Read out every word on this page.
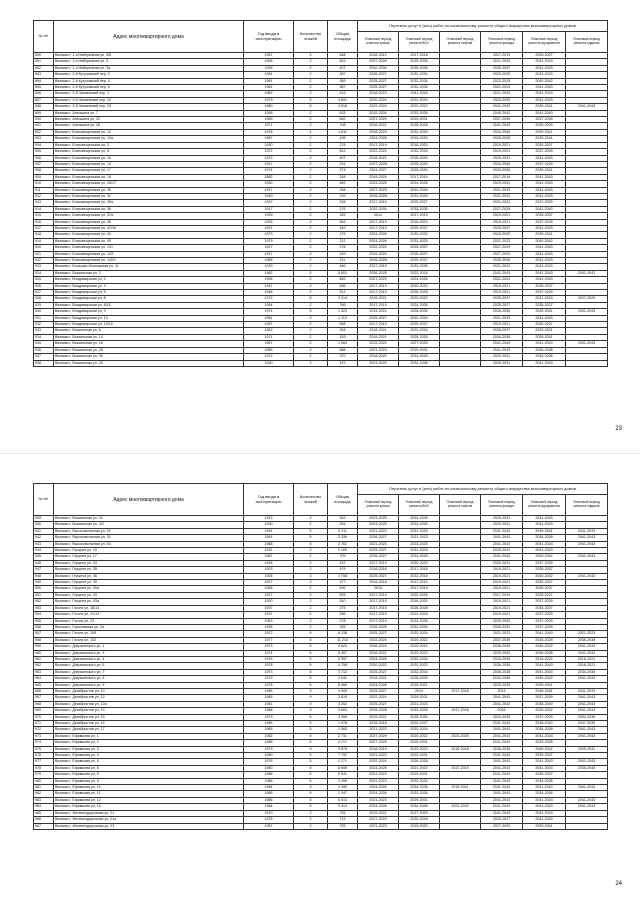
№ п/п	Адрес многоквартирного дома	Год ввода в эксплуатацию	Количество этажей	Общая площадь	Перечень услуг и (или) работ по капитальному ремонту общего имущества многоквартирных домов					
					Плановый период ремонта крыши	Плановый период ремонта ВИС	Плановый период ремонта лифтов	Плановый период ремонта фасада	Плановый период ремонта фундамента	Плановый период ремонта подвала
890	Вязники г, 1-я Набережная ул, 5/6	1957	2	648	2018-2019	2017-2018		2017-2019	2026-2027	
891	Вязники г, 1-я Набережная ул, 3	1956	2	603	2027-2028	2025-2026		2021-2023	2041-2043	
892	Вязники г, 1-я Набережная ул, 3а	1935	2	407	2032-2034	2035-2036		2035-2037	2041-2043	
893	Вязники г, 2-й Кутузовский пер, 2	1961	2	387	2026-2027	2032-2034		2023-2025	2041-2043	
894	Вязники г, 2-й Кутузовский пер, 4	1961	2	389	2025-2027	2032-2034		2023-2025	2040-2042	
895	Вязники г, 2-й Кутузовский пер, 6	1961	2	387	2025-2027	2032-2034		2021-2023	2041-2043	
896	Вязники г, 3-й Чапаевский пер, 1	1962	2	615	2018-2023	2041-2043		2021-2023	2041-2043	
897	Вязники г, 3-й Чапаевский пер, 22	1979	5	4 691	2020-2024	2022-2024		2023-2025	2041-2043	
898	Вязники г, 3-й Чапаевский пер, 23	1980	5	4 516	2022-2024	2020-2022		2041-2043	2039-2041	2041-2043
899	Вязники г, Антошина ул, 7	1936	2	633	2032-2034	2033-2035		2040-2042	2041-2043	
900	Вязники г, Антошина ул, 22	1969	2	562	2027-2029	2029-2031		2037-2039	2037-2039	
901	Вязники г, Антошина ул, 26	1971	2	708	2016-2021	2026-2028		2041-2043	2035-2039	
902	Вязники г, Благовещенская ул, 12	1978	4	1 811	2028-2029	2032-2034		2034-2036	2039-2041	
903	Вязники г, Благовещенская ул, 12а	1987	2	495	2024-2026	2016-2020		2026-2028	2039-2041	
904	Вязники г, Благовещенская ул, 3	1930	2	278	2017-2019	2018-2020		2019-2021	2035-2037	
905	Вязники г, Благовещенская ул, 5	1972	2	612	2022-2024	2032-2034		2019-2021	2037-2039	
906	Вязники г, Благовещенская ул, 10	1972	2	407	2018-2021	2028-2030		2029-2031	2041-2043	
907	Вязники г, Благовещенская ул, 13	1917	2	241	2027-2028	2026-2030		2034-2036	2037-2039	
908	Вязники г, Благовещенская ул, 17	1974	2	274	2024-2027	2028-2030		2034-2036	2039-2041	
909	Вязники г, Благовещенская ул, 19	1882	2	284	2019-2024	2017-2019		2017-2019	2041-2043	
910	Вязники г, Благовещенская ул, 26/17	1930	2	483	2023-2025	2024-2026		2029-2031	2041-2043	
911	Вязники г, Благовещенская ул, 30	1917	2	258	2027-2029	2033-2035		2021-2023	2041-2043	
912	Вязники г, Благовещенская ул, 32	1940	2	239	2026-2028	2033-2035		2021-2023	2041-2043	
913	Вязники г, Благовещенская ул, 35а	1937	2	234	2017-2019	2025-2027		2021-2023	2037-2039	
914	Вязники г, Благовещенская ул, 36	1917	2	176	2032-2034	2033-2035		2027-2029	2041-2043	
915	Вязники г, Благовещенская ул, 37а	1939	2	283	2014	2017-2019		2019-2021	2035-2037	
916	Вязники г, Благовещенская ул, 38	1925	2	561	2017-2019	2016-2023		2019-2021	2037-2039	
917	Вязники г, Благовещенская ул, 41/16	1937	2	449	2017-2019	2025-2027		2025-2027	2041-2043	
918	Вязники г, Благовещенская ул, 42	1973	2	279	2024-2026	2030-2032		2018-2020	2039-2041	
919	Вязники г, Благовещенская ул, 49	1979	2	212	2024-2026	2031-2033		2021-2023	2040-2042	
920	Вязники г, Благовещенская ул, 131	1917	2	276	2022-2024	2025-2027		2027-2029	2041-2043	
921	Вязники г, Благовещенская ул, 133	1917	2	249	2022-2024	2025-2027		2027-2029	2041-2043	
922	Вязники г, Благовещенская ул, 140/1	1965	2	211	2026-2028	2025-2027		2026-2028	2041-2043	
923	Вязники г, Большая Московская ул, 11	1939	2	466	2017-2019	2033-2035		2021-2023	2041-2043	
924	Вязники г, Вокзальная ул, 2	1962	5	5 601	2026-2028	2022-2024		2041-2043	2041-2043	2041-2043
925	Вязники г, Владимирская ул, 2	1956	2	662	2027-2029	2024-2026		2021-2023	2041-2043	
926	Вязники г, Владимирская ул, 4	1947	2	486	2017-2019	2030-2032		2019-2021	2035-2037	
927	Вязники г, Владимирская ул, 5	1948	2	512	2017-2019	2026-2028		2019-2021	2037-2039	
928	Вязники г, Владимирская ул, 8	1972	5	3 214	2019-2021	2020-2022		2035-2037	2041-2043	2027-2029
929	Вязники г, Владимирская ул, 8/16	1954	2	766	2017-2019	2024-2026		2025-2027	2035-2037	
930	Вязники г, Владимирская ул, 9	1974	5	1 523	2019-2021	2028-2030		2034-2036	2039-2041	2041-2043
931	Вязники г, Владимирская ул, 13	1961	3	1 110	2025-2027	2032-2034		2021-2023	2041-2043	
932	Вязники г, Владимирская ул, 13/15	1957	2	568	2017-2019	2025-2027		2019-2021	2035-2037	
933	Вязники г, Вокзальная ул, 6	1962	2	304	2018-2021	2022-2024		2026-2027	2029-2031	
934	Вязники г, Вокзальная ул, 14	1971	2	183	2019-2021	2028-2030		2034-2036	2039-2041	
935	Вязники г, Вокзальная ул, 18	1967	2	1 084	2022-2024	2027-2029		2041-2043	2041-2043	2041-2043
936	Вязники г, Вокзальная ул, 28	1985	2	688	2021-2023	2029-2031		2041-2043	2036-2038	
937	Вязники г, Вокзальная ул, 40	1972	2	370	2018-2020	2024-2026		2029-2031	2034-2036	
938	Вязники г, Вокзальная ул, 43	1930	2	479	2023-2025	2034-2036		2029-2031	2041-2043	
23
№ п/п	Адрес многоквартирного дома	Год ввода в эксплуатацию	Количество этажей	Общая площадь	Перечень услуг и (или) работ по капитальному ремонту общего имущества многоквартирных домов					
					Плановый период ремонта крыши	Плановый период ремонта ВИС	Плановый период ремонта лифтов	Плановый период ремонта фасада	Плановый период ремонта фундамента	Плановый период ремонта подвала
939	Вязники г, Вокзальная ул, 42	1913	2	363	2023-2025	2034-2036		2029-2031	2041-2043	
940	Вязники г, Вокзальная ул, 4/2	1930	2	281	2023-2025	2034-2036		2029-2031	2041-2043	
941	Вязники г, Высоковольтная ул, 29	1991	5	3 211	2021-2023	2031-2033		2041-2043	2039-2041	2041-2043
942	Вязники г, Высоковольтная ул, 31	1991	5	3 336	2026-2027	2021-2023		2041-2043	2036-2038	2041-2043
943	Вязники г, Высоковольтная ул, 53	1988	5	2 762	2021-2023	2023-2025		2041-2043	2041-2043	2041-2043
944	Вязники г, Герцена ул, 15	1931	2	1 109	2025-2027	2031-2033		2039-2041	2041-2043	
945	Вязники г, Герцена ул, 17	1967	2	709	2025-2027	2024-2026		2041-2043	2040-2042	2041-2043
946	Вязники г, Герцена ул, 34	1928	2	437	2017-2019	2030-2032		2029-2031	2037-2039	
947	Вязники г, Герцена ул, 35	1923	2	479	2016-2018	2017-2018		2019-2021	2035-2037	
948	Вязники г, Герцена ул, 36	1926	3	1 758	2025-2027	2032-2034		2019-2021	2040-2042	2041-2043
949	Вязники г, Герцена ул, 39	1927	2	277	2016-2018	2017-2019		2019-2021	2035-2037	
950	Вязники г, Герцена ул, 39а	1958	2	492	2015	2017-2019		2019-2021	2035-2037	
951	Вязники г, Герцена ул, 43	1927	2	525	2017-2019	2025-2026		2017-2019	2025-2027	
952	Вязники г, Герцена ул, 43а	1920	2	510	2017-2019	2018-2020		2019-2021	2037-2039	
953	Вязники г, Гоголя ул, 18/13	1937	2	275	2017-2019	2026-2028		2019-2021	2035-2037	
954	Вязники г, Гоголя ул, 21/14	1937	2	286	2017-2019	2024-2026		2019-2021	2037-2039	
955	Вязники г, Гоголя ул, 23	1953	2	278	2017-2019	2024-2026		2030-2032	2037-2039	
956	Вязники г, Гороховская ул, 2а	1935	2	255	2026-2028	2032-2034		2030-2032	2037-2039	
957	Вязники г, Гоголя ул, 10б	1972	5	6 138	2025-2027	2032-2034		2021-2023	2041-2043	2021-2023
958	Вязники г, Гоголя ул, 102	1977	5	11 215	2022-2024	2020-2022		2037-2039	2026-2028	2036-2038
959	Вязники г, Дзержинского ул, 1	1973	5	4 623	2026-2024	2020-2022		2036-2038	2040-2042	2041-2043
960	Вязники г, Дзержинского ул, 3	1974	5	6 457	2016-2021	2020-2022		2030-2032	2036-2038	2041-2043
961	Вязники г, Дзержинского ул, 4	1976	5	5 557	2024-2026	2032-2034		2033-2035	2016-2024	2016-2021
962	Вязники г, Дзержинского ул, 5	1978	5	4 756	2020-2022	2020-2022		2036-2038	2041-2043	2018-2021
963	Вязники г, Дзержинского ул, 7	1973	5	3 712	2025-2027	2032-2034		2036-2038	2041-2043	2034-2036
964	Вязники г, Дзержинского ул, 8	1972	5	2 642	2019-2021	2028-2030		2034-2036	2040-2042	2041-2043
965	Вязники г, Дзержинского ул, 9	1976	5	6 066	2024-2026	2018-2021		2033-2035	2039-2041	
966	Вязники г, Декабристов ул, 10	1985	9	4 905	2025-2027	2014	2017-2018	2014	2036-2041	2041-2043
967	Вязники г, Декабристов ул, 12	1985	9	3 819	2022-2024	2029-2031		2041-2043	2037-2039	2041-2043
968	Вязники г, Декабристов ул, 12а	1981	9	3 262	2025-2027	2021-2023		2041-2043	2038-2040	2041-2043
969	Вязники г, Декабристов ул, 14	1988	9	3 604	2026-2028	2033-2035	2017-2018	2015	2029-2032	2041-2043
970	Вязники г, Декабристов ул, 15	1979	5	3 008	2019-2021	2028-2030		2034-2036	2037-2039	2034-2036
971	Вязники г, Декабристов ул, 16	1985	5	1 978	2016-2018	2025-2027		2041-2043	2038-2040	2037-2039
972	Вязники г, Декабристов ул, 17	1985	5	1 965	2021-2023	2032-2034		2041-2043	2036-2038	2041-2043
973	Вязники г, Ефимьева ул, 1	1982	9	2 731	2027-2029	2020-2022	2023-2025	2041-2043	2041-2043	2041-2043
974	Вязники г, Ефимьева ул, 2	1985	5	4 717	2027-2029	2029-2031		2041-2043	2033-2035	
975	Вязники г, Ефимьева ул, 3	1979	9	5 875	2018-2019	2020-2022	2016-2018	2036-2038	2040-2042	2029-2031
976	Вязники г, Ефимьева ул, 4	1980	5	7 792	2021-2023	2029-2031		2041-2043	2035-2037	
977	Вязники г, Ефимьева ул, 5	1976	5	2 271	2022-2024	2026-2028		2041-2043	2041-2043	2041-2043
978	Вязники г, Ефимьева ул, 6	1980	9	6 606	2024-2026	2021-2023	2017-2019	2041-2043	2041-2043	2038-2040
979	Вязники г, Ефимьева ул, 8	1986	5	5 941	2021-2023	2029-2031		2041-2043	2035-2037	
980	Вязники г, Ефимьева ул, 9	1986	5	3 495	2021-2023	2030-2032		2041-2043	2034-2036	
981	Вязники г, Ефимьева ул, 10	1984	9	4 455	2024-2026	2034-2036	2018-2021	2041-2043	2041-2043	2041-2043
982	Вязники г, Ефимьева ул, 11	1985	5	1 047	2024-2026	2033-2035		2041-2043	2034-2036	
983	Вязники г, Ефимьева ул, 12	1986	5	6 913	2021-2023	2029-2031		2041-2043	2041-2043	2041-2043
984	Вязники г, Ефимьева ул, 14	1984	5	3 414	2024-2026	2034-2036	2022-2022	2041-2043	2041-2043	2041-2043
985	Вязники г, Железнодорожная ул, 21	1970	2	726	2019-2021	2027-2029		2041-2043	2041-2043	
986	Вязники г, Железнодорожная ул, 21а	1975	2	712	2027-2029	2020-2028		2025-2027	2041-2043	
987	Вязники г, Железнодорожная ул, 23	1957	2	793	2021-2023	2018-2020		2027-2029	2039-2041	
24
